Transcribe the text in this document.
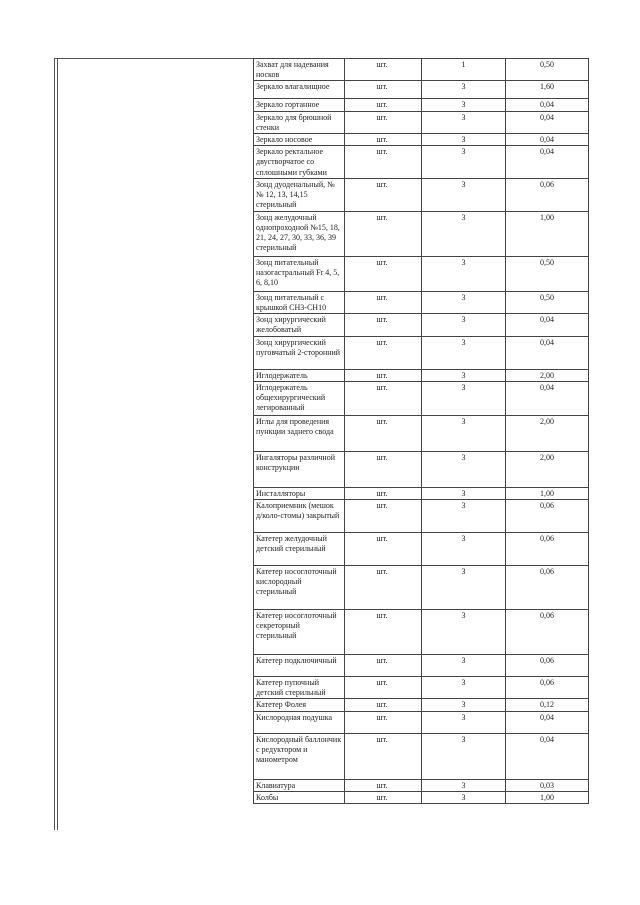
Захват для надевания носков	шт.	1	0,50
Зеркало влагалищное	шт.	3	1,60
Зеркало гортанное	шт.	3	0,04
Зеркало для брюшной стенки	шт.	3	0,04
Зеркало носовое	шт.	3	0,04
Зеркало ректальное двустворчатое со сплошными губками	шт.	3	0,04
Зонд дуоденальный, №№ 12, 13, 14,15 стерильный	шт.	3	0,06
Зонд желудочный однопроходной №15, 18, 21, 24, 27, 30, 33, 36, 39 стерильный	шт.	3	1,00
Зонд питательный назогастральный Fr 4, 5, 6, 8,10	шт.	3	0,50
Зонд питательный с крышкой СН3-СН10	шт.	3	0,50
Зонд хирургический желобоватый	шт.	3	0,04
Зонд хирургический пуговчатый 2-сторонний	шт.	3	0,04
Иглодержатель	шт.	3	2,00
Иглодержатель общехирургический легированный	шт.	3	0,04
Иглы для проведения пункции заднего свода	шт.	3	2,00
Ингаляторы различной конструкции	шт.	3	2,00
Инсталляторы	шт.	3	1,00
Калоприемник (мешок д/коло-стомы) закрытый	шт.	3	0,06
Катетер желудочный детский стерильный	шт.	3	0,06
Катетер носоглоточный кислородный стерильный	шт.	3	0,06
Катетер носоглоточный секреторный стерильный	шт.	3	0,06
Катетер подключичный	шт.	3	0,06
Катетер пупочный детский стерильный	шт.	3	0,06
Катетер Фолея	шт.	3	0,12
Кислородная подушка	шт.	3	0,04
Кислородный баллончик с редуктором и манометром	шт.	3	0,04
Клавиатура	шт.	3	0,03
Колбы	шт.	3	1,00
